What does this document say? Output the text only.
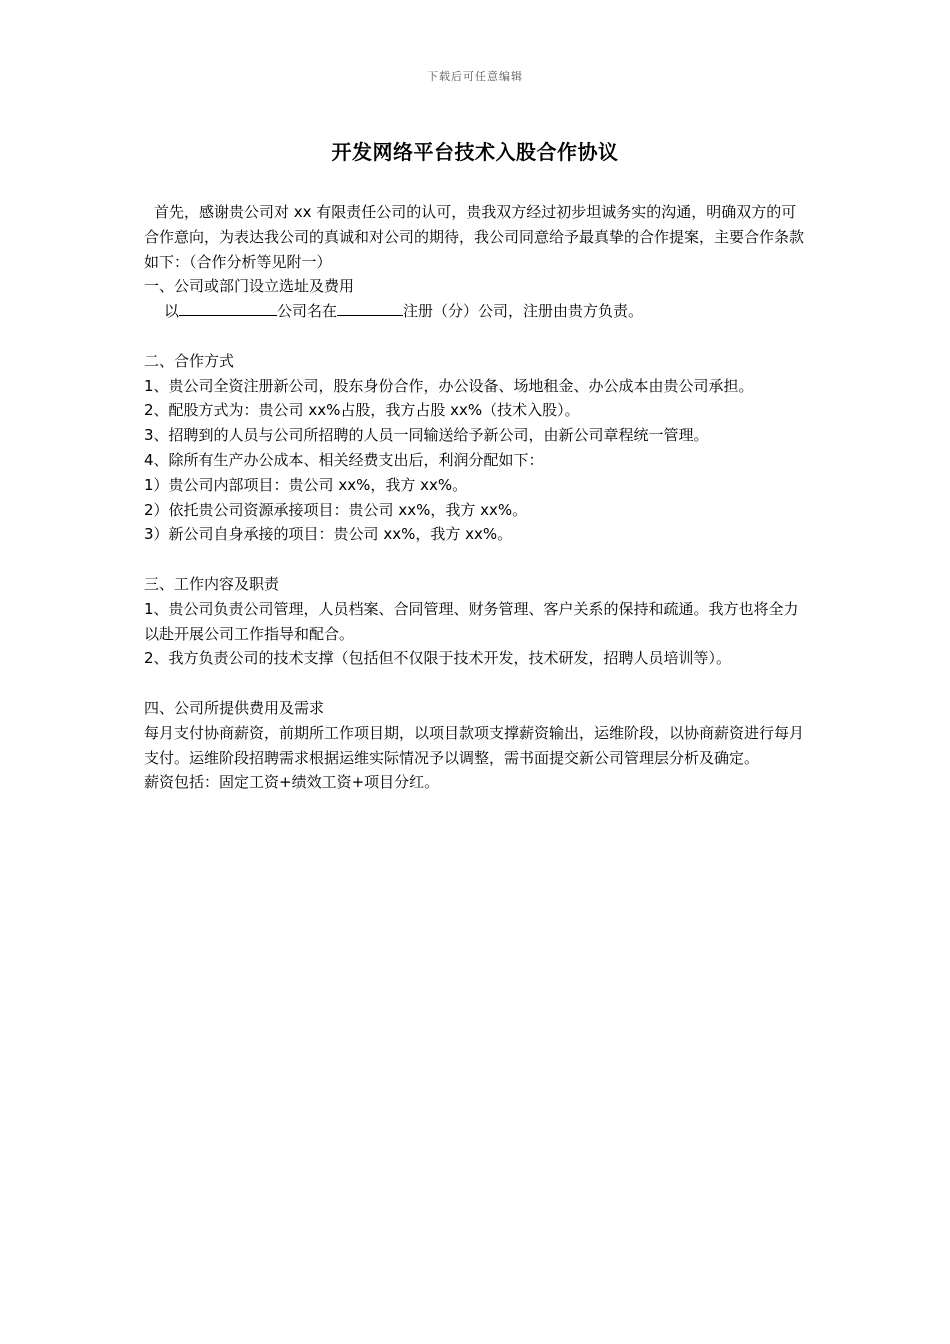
下载后可任意编辑
开发网络平台技术入股合作协议

首先，感谢贵公司对 xx 有限责任公司的认可，贵我双方经过初步坦诚务实的沟通，明确双方的可合作意向，为表达我公司的真诚和对公司的期待，我公司同意给予最真挚的合作提案，主要合作条款如下：（合作分析等见附一）

一、公司或部门设立选址及费用

以	公司名在	注册（分）公司，注册由贵方负责。

二、合作方式

1、贵公司全资注册新公司，股东身份合作，办公设备、场地租金、办公成本由贵公司承担。

2、配股方式为：贵公司 xx%占股，我方占股 xx%（技术入股）。

3、招聘到的人员与公司所招聘的人员一同输送给予新公司，由新公司章程统一管理。

4、除所有生产办公成本、相关经费支出后，利润分配如下：

1）贵公司内部项目：贵公司 xx%，我方 xx%。

2）依托贵公司资源承接项目：贵公司 xx%，我方 xx%。

3）新公司自身承接的项目：贵公司 xx%，我方 xx%。

三、工作内容及职责

1、贵公司负责公司管理，人员档案、合同管理、财务管理、客户关系的保持和疏通。我方也将全力以赴开展公司工作指导和配合。

2、我方负责公司的技术支撑（包括但不仅限于技术开发，技术研发，招聘人员培训等）。

四、公司所提供费用及需求

每月支付协商薪资，前期所工作项目期，以项目款项支撑薪资输出，运维阶段，以协商薪资进行每月支付。运维阶段招聘需求根据运维实际情况予以调整，需书面提交新公司管理层分析及确定。

薪资包括：固定工资+绩效工资+项目分红。
